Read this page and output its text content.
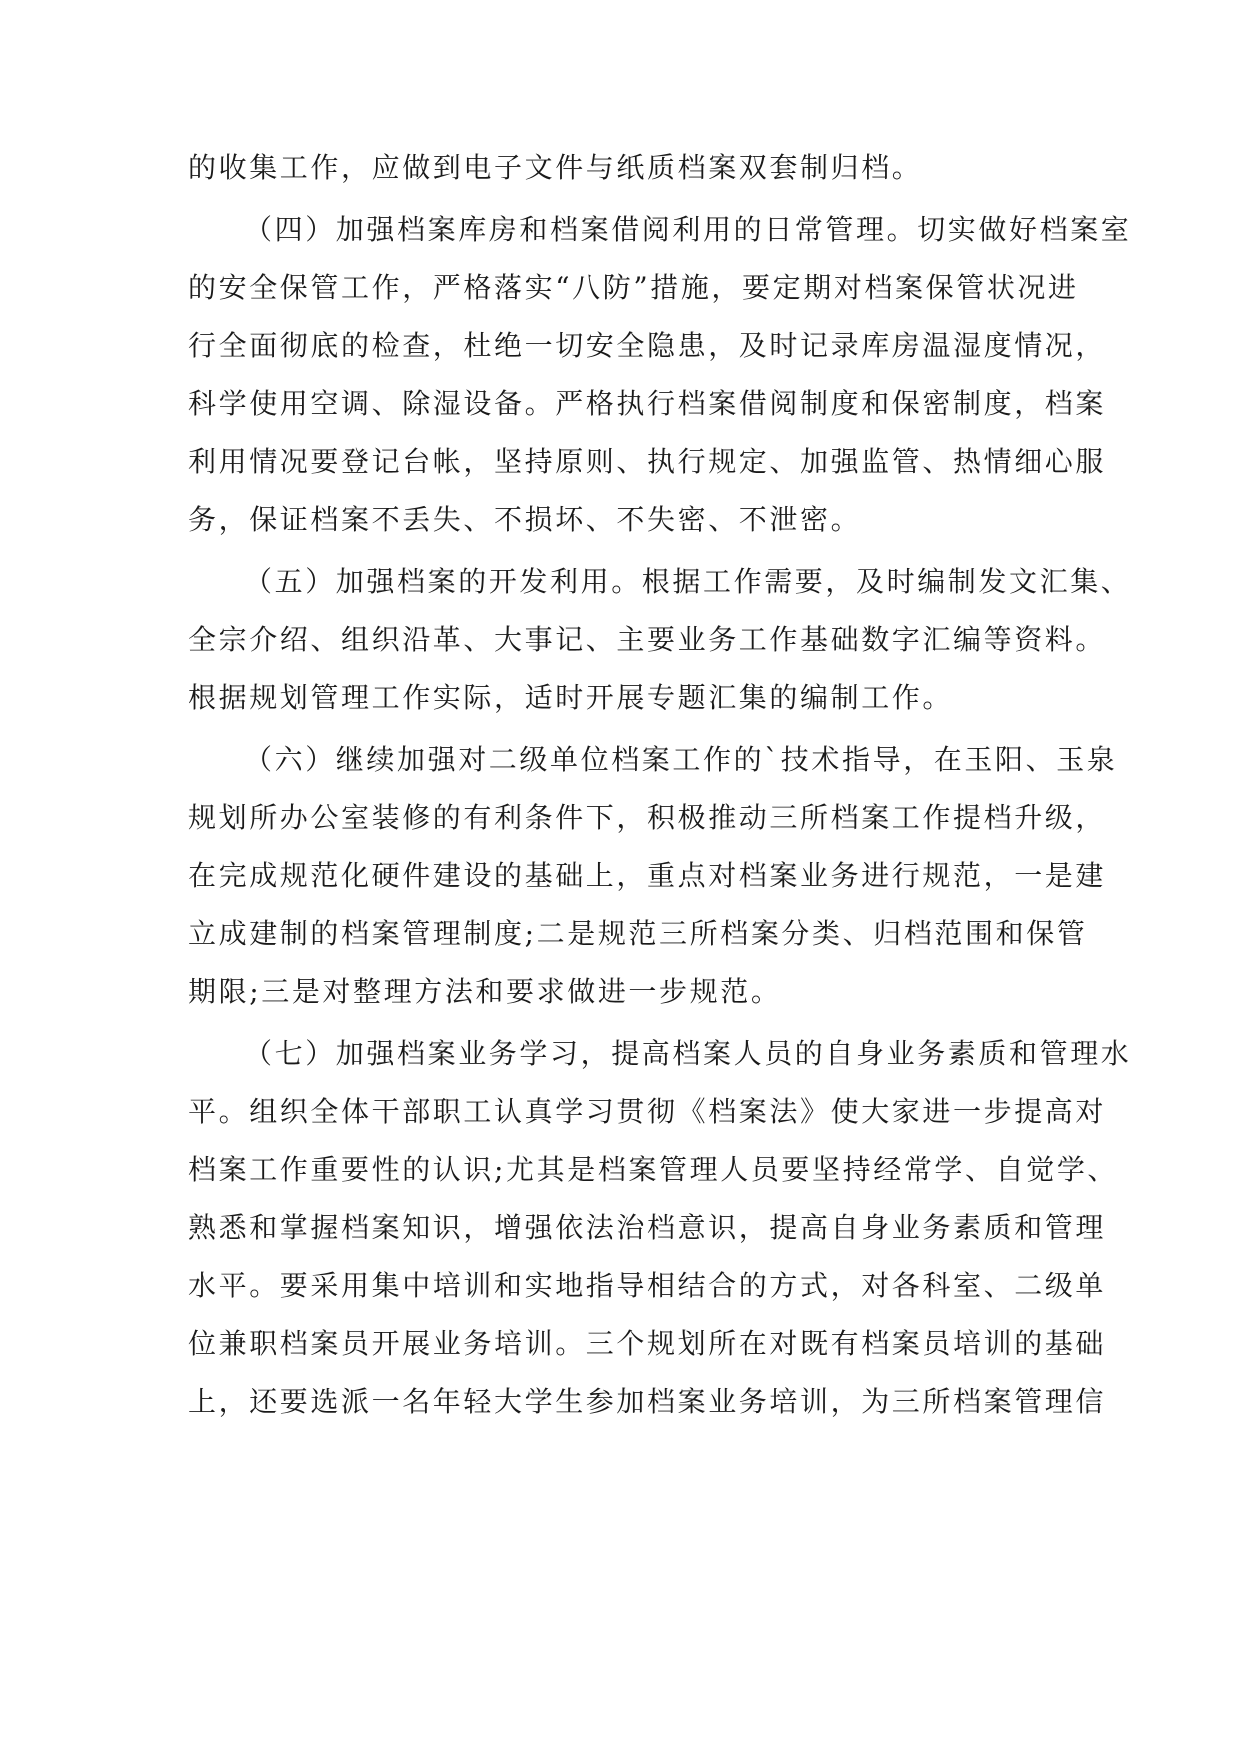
的收集工作，应做到电子文件与纸质档案双套制归档。
（四）加强档案库房和档案借阅利用的日常管理。切实做好档案室
的安全保管工作，严格落实“八防”措施，要定期对档案保管状况进
行全面彻底的检查，杜绝一切安全隐患，及时记录库房温湿度情况，
科学使用空调、除湿设备。严格执行档案借阅制度和保密制度，档案
利用情况要登记台帐，坚持原则、执行规定、加强监管、热情细心服
务，保证档案不丢失、不损坏、不失密、不泄密。
（五）加强档案的开发利用。根据工作需要，及时编制发文汇集、
全宗介绍、组织沿革、大事记、主要业务工作基础数字汇编等资料。
根据规划管理工作实际，适时开展专题汇集的编制工作。
（六）继续加强对二级单位档案工作的`技术指导，在玉阳、玉泉
规划所办公室装修的有利条件下，积极推动三所档案工作提档升级，
在完成规范化硬件建设的基础上，重点对档案业务进行规范，一是建
立成建制的档案管理制度;二是规范三所档案分类、归档范围和保管
期限;三是对整理方法和要求做进一步规范。
（七）加强档案业务学习，提高档案人员的自身业务素质和管理水
平。组织全体干部职工认真学习贯彻《档案法》使大家进一步提高对
档案工作重要性的认识;尤其是档案管理人员要坚持经常学、自觉学、
熟悉和掌握档案知识，增强依法治档意识，提高自身业务素质和管理
水平。要采用集中培训和实地指导相结合的方式，对各科室、二级单
位兼职档案员开展业务培训。三个规划所在对既有档案员培训的基础
上，还要选派一名年轻大学生参加档案业务培训，为三所档案管理信
